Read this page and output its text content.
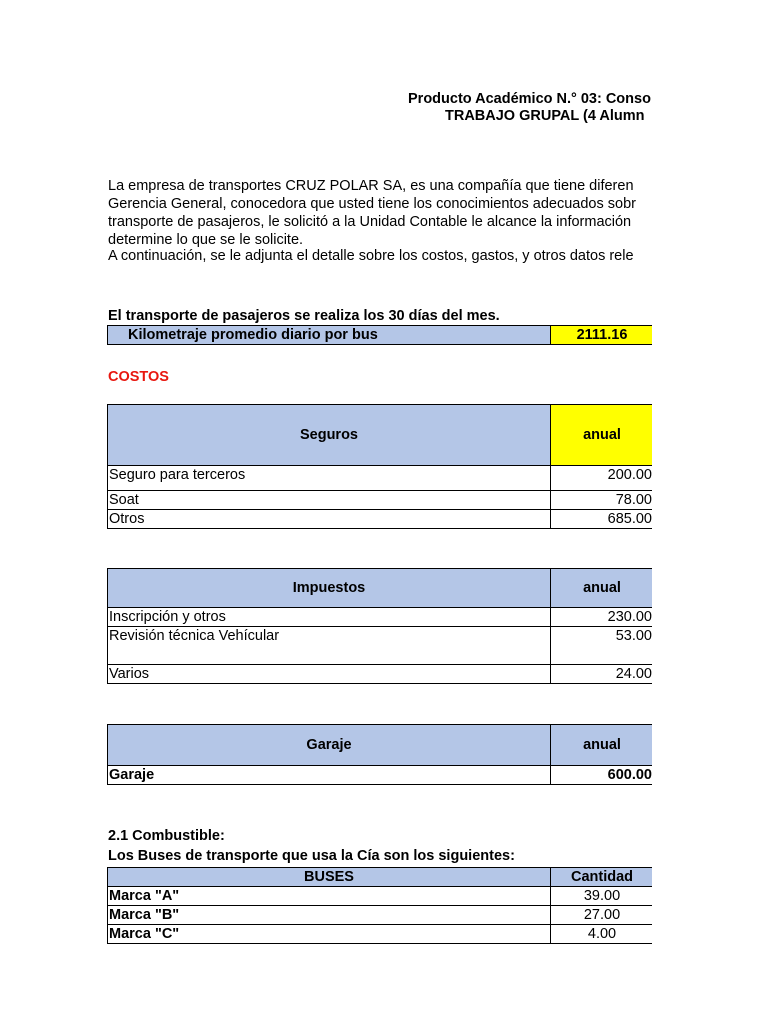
Producto Académico N.° 03: Conso
TRABAJO GRUPAL (4 Alumn
La empresa de transportes CRUZ POLAR SA, es una compañía que tiene diferen
Gerencia General, conocedora que usted tiene los conocimientos adecuados sobr
transporte de pasajeros, le solicitó a la Unidad Contable le alcance la información
determine lo que se le solicite.
A continuación, se le adjunta el detalle sobre los costos, gastos, y otros datos rele
El transporte de pasajeros se realiza los 30 días del mes.
Kilometraje promedio diario por bus	2111.16
COSTOS
Seguros	anual
Seguro para terceros	200.00
Soat	78.00
Otros	685.00
Impuestos	anual
Inscripción y otros	230.00
Revisión técnica Vehícular	53.00
Varios	24.00
Garaje	anual
Garaje	600.00
2.1 Combustible:
Los Buses de transporte que usa la Cía son los siguientes:
BUSES	Cantidad
Marca "A"	39.00
Marca "B"	27.00
Marca "C"	4.00
